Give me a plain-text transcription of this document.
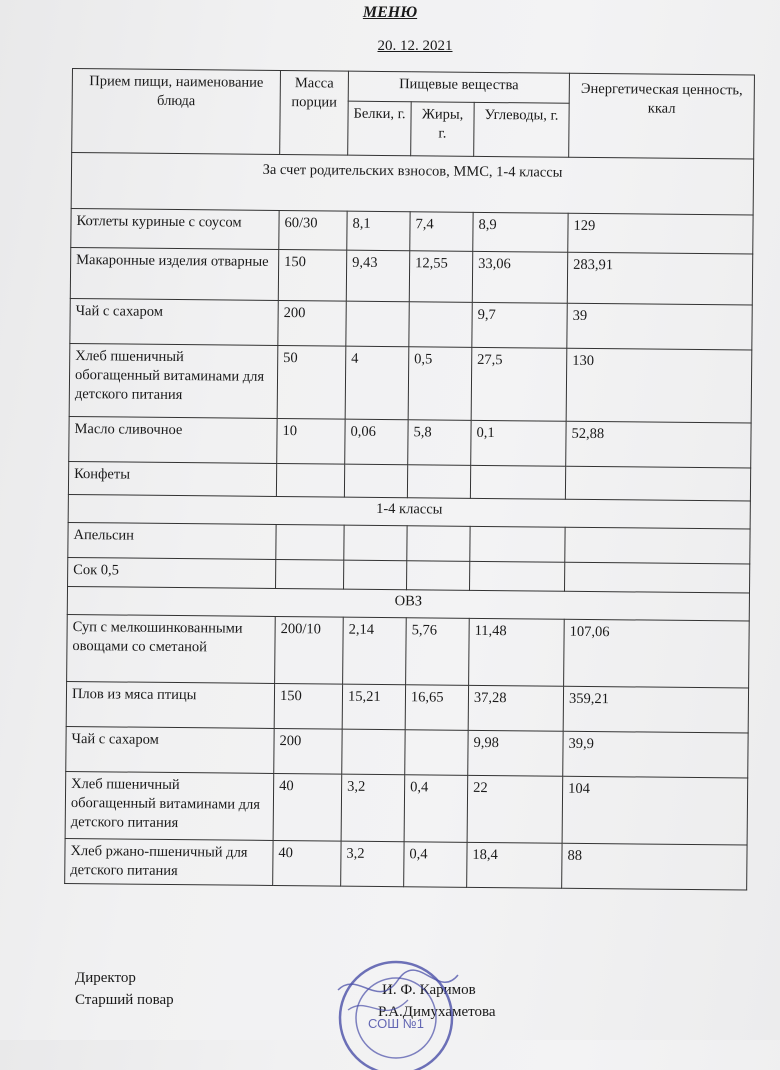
МЕНЮ
20. 12. 2021
Прием пищи, наименование блюда	Масса порции	Пищевые вещества			Энергетическая ценность, ккал
		Белки, г.	Жиры, г.	Углеводы, г.	
За счет родительских взносов, ММС, 1-4 классы					
Котлеты куриные с соусом	60/30	8,1	7,4	8,9	129
Макаронные изделия отварные	150	9,43	12,55	33,06	283,91
Чай с сахаром	200			9,7	39
Хлеб пшеничный обогащенный витаминами для детского питания	50	4	0,5	27,5	130
Масло сливочное	10	0,06	5,8	0,1	52,88
Конфеты					
1-4 классы					
Апельсин					
Сок 0,5					
ОВЗ					
Суп с мелкошинкованными овощами со сметаной	200/10	2,14	5,76	11,48	107,06
Плов из мяса птицы	150	15,21	16,65	37,28	359,21
Чай с сахаром	200			9,98	39,9
Хлеб пшеничный обогащенный витаминами для детского питания	40	3,2	0,4	22	104
Хлеб ржано-пшеничный для детского питания	40	3,2	0,4	18,4	88
Директор
Старший повар
И. Ф. Каримов
Р.А.Димухаметова
СОШ №1
